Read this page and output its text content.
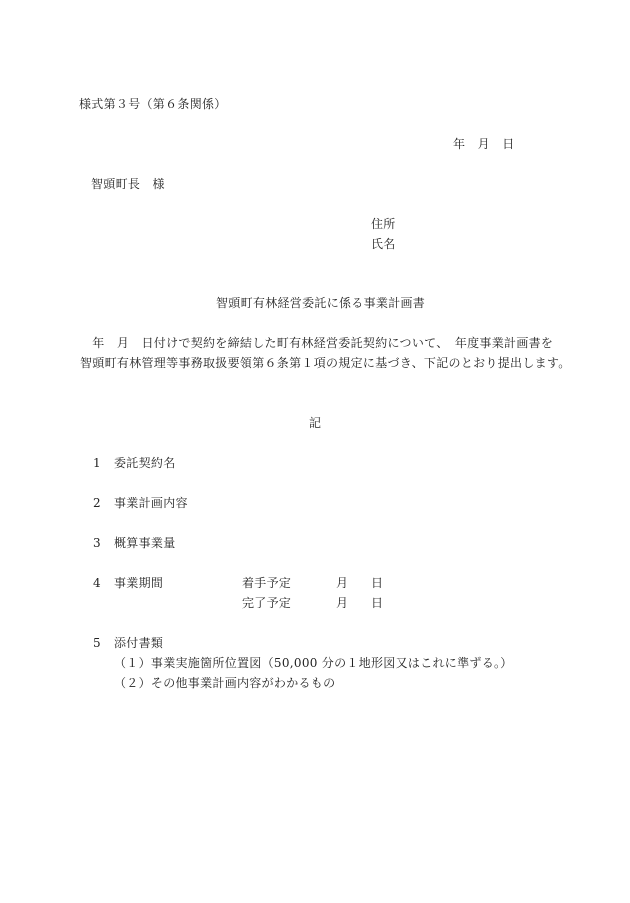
様式第３号（第６条関係）
年　月　日
智頭町長　様
住所
氏名
智頭町有林経営委託に係る事業計画書
　年　月　日付けで契約を締結した町有林経営委託契約について、　年度事業計画書を
智頭町有林管理等事務取扱要領第６条第１項の規定に基づき、下記のとおり提出します。
記
1 委託契約名
2 事業計画内容
3 概算事業量
4 事業期間	着手予定	月 日
完了予定	月 日
5 添付書類
（１）事業実施箇所位置図（50,000 分の１地形図又はこれに準ずる。）
（２）その他事業計画内容がわかるもの
